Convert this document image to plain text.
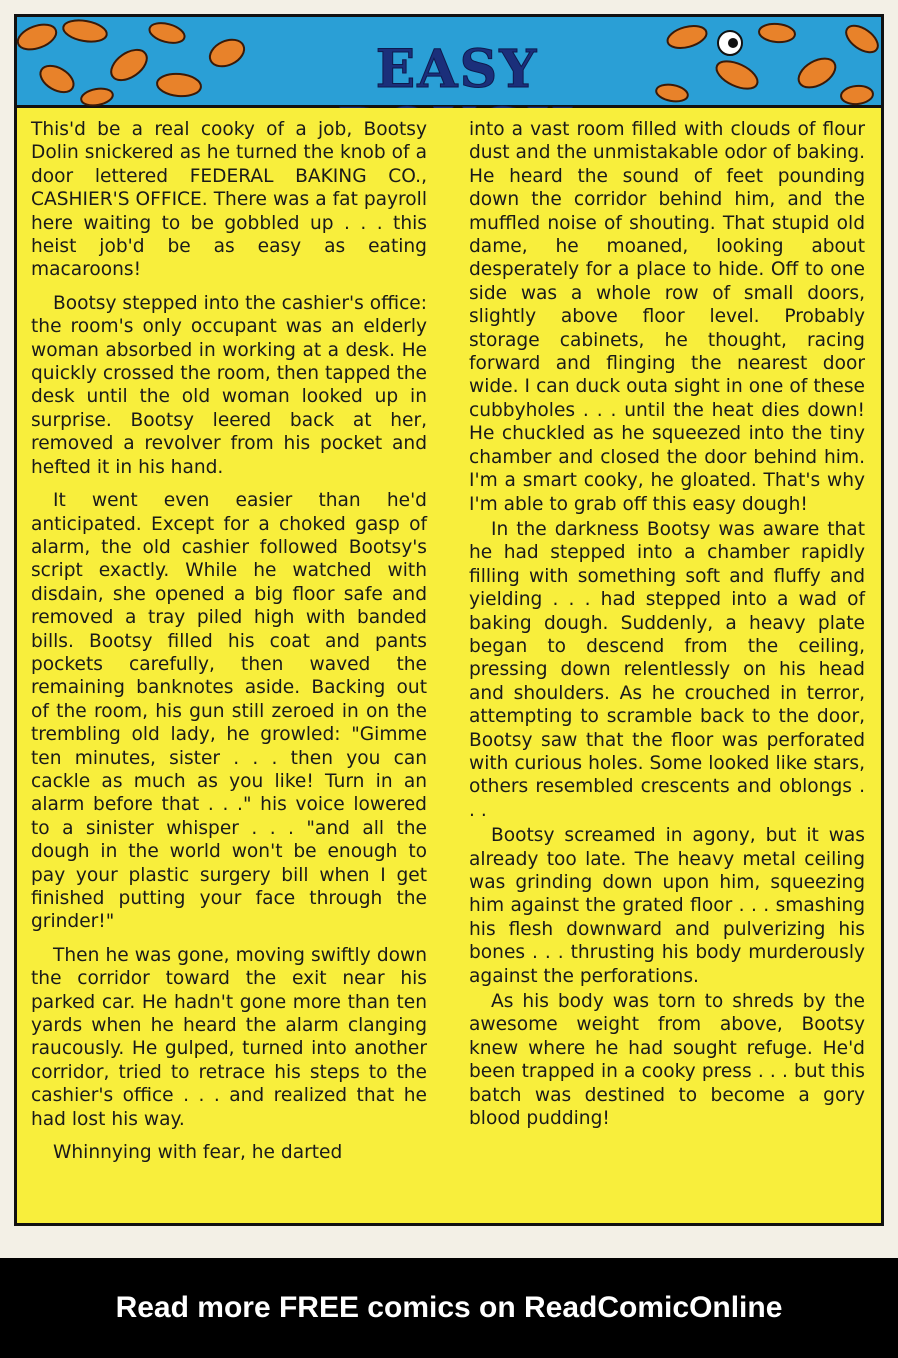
EASY

This'd be a real cooky of a job, Bootsy Dolin snickered as he turned the knob of a door lettered FEDERAL BAKING CO., CASHIER'S OFFICE. There was a fat payroll here waiting to be gobbled up . . . this heist job'd be as easy as eating macaroons!

Bootsy stepped into the cashier's office: the room's only occupant was an elderly woman absorbed in working at a desk. He quickly crossed the room, then tapped the desk until the old woman looked up in surprise. Bootsy leered back at her, removed a revolver from his pocket and hefted it in his hand.

It went even easier than he'd anticipated. Except for a choked gasp of alarm, the old cashier followed Bootsy's script exactly. While he watched with disdain, she opened a big floor safe and removed a tray piled high with banded bills. Bootsy filled his coat and pants pockets carefully, then waved the remaining banknotes aside. Backing out of the room, his gun still zeroed in on the trembling old lady, he growled: "Gimme ten minutes, sister . . . then you can cackle as much as you like! Turn in an alarm before that . . ." his voice lowered to a sinister whisper . . . "and all the dough in the world won't be enough to pay your plastic surgery bill when I get finished putting your face through the grinder!"

Then he was gone, moving swiftly down the corridor toward the exit near his parked car. He hadn't gone more than ten yards when he heard the alarm clanging raucously. He gulped, turned into another corridor, tried to retrace his steps to the cashier's office . . . and realized that he had lost his way.

Whinnying with fear, he darted

into a vast room filled with clouds of flour dust and the unmistakable odor of baking. He heard the sound of feet pounding down the corridor behind him, and the muffled noise of shouting. That stupid old dame, he moaned, looking about desperately for a place to hide. Off to one side was a whole row of small doors, slightly above floor level. Probably storage cabinets, he thought, racing forward and flinging the nearest door wide. I can duck outa sight in one of these cubbyholes . . . until the heat dies down! He chuckled as he squeezed into the tiny chamber and closed the door behind him. I'm a smart cooky, he gloated. That's why I'm able to grab off this easy dough!

In the darkness Bootsy was aware that he had stepped into a chamber rapidly filling with something soft and fluffy and yielding . . . had stepped into a wad of baking dough. Suddenly, a heavy plate began to descend from the ceiling, pressing down relentlessly on his head and shoulders. As he crouched in terror, attempting to scramble back to the door, Bootsy saw that the floor was perforated with curious holes. Some looked like stars, others resembled crescents and oblongs . . .

Bootsy screamed in agony, but it was already too late. The heavy metal ceiling was grinding down upon him, squeezing him against the grated floor . . . smashing his flesh downward and pulverizing his bones . . . thrusting his body murderously against the perforations.

As his body was torn to shreds by the awesome weight from above, Bootsy knew where he had sought refuge. He'd been trapped in a cooky press . . . but this batch was destined to become a gory blood pudding!

Read more FREE comics on ReadComicOnline
